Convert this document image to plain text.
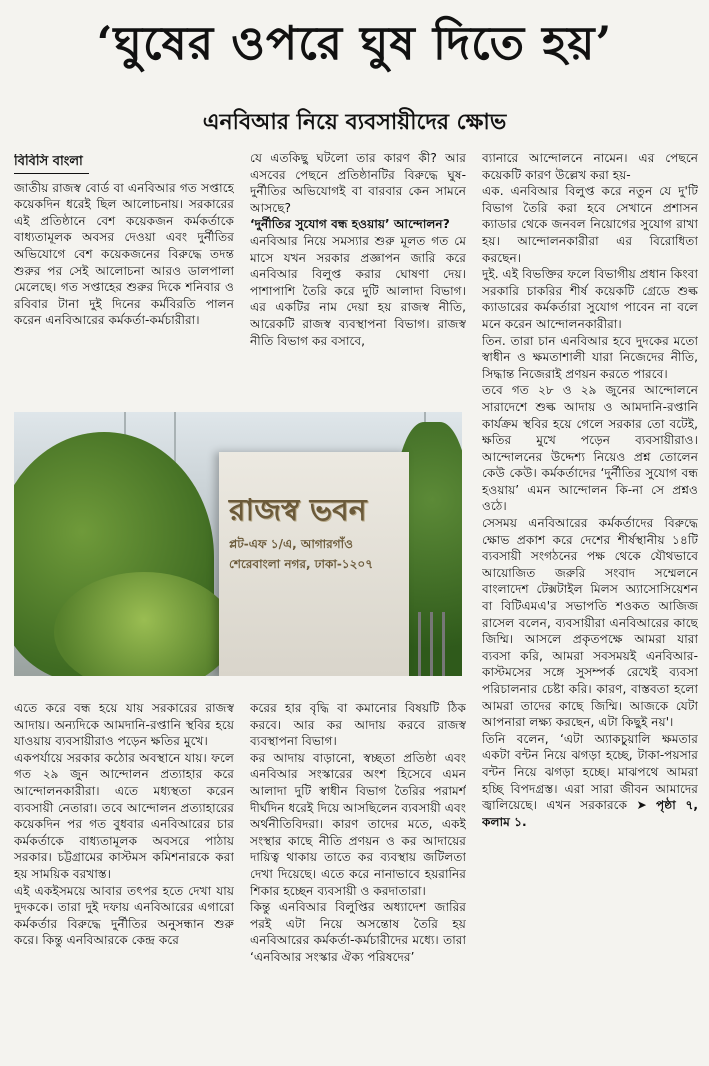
‘ঘুষের ওপরে ঘুষ দিতে হয়’
এনবিআর নিয়ে ব্যবসায়ীদের ক্ষোভ
বিবিসি বাংলা

জাতীয় রাজস্ব বোর্ড বা এনবিআর গত সপ্তাহে কয়েকদিন ধরেই ছিল আলোচনায়। সরকারের এই প্রতিষ্ঠানে বেশ কয়েকজন কর্মকর্তাকে বাধ্যতামূলক অবসর দেওয়া এবং দুর্নীতির অভিযোগে বেশ কয়েকজনের বিরুদ্ধে তদন্ত শুরুর পর সেই আলোচনা আরও ডালপালা মেলেছে। গত সপ্তাহের শুরুর দিকে শনিবার ও রবিবার টানা দুই দিনের কর্মবিরতি পালন করেন এনবিআরের কর্মকর্তা-কর্মচারীরা।

যে এতকিছু ঘটলো তার কারণ কী? আর এসবের পেছনে প্রতিষ্ঠানটির বিরুদ্ধে ঘুষ-দুর্নীতির অভিযোগই বা বারবার কেন সামনে আসছে?

‘দুর্নীতির সুযোগ বন্ধ হওয়ায়’ আন্দোলন?

এনবিআর নিয়ে সমস্যার শুরু মূলত গত মে মাসে যখন সরকার প্রজ্ঞাপন জারি করে এনবিআর বিলুপ্ত করার ঘোষণা দেয়। পাশাপাশি তৈরি করে দুটি আলাদা বিভাগ। এর একটির নাম দেয়া হয় রাজস্ব নীতি, আরেকটি রাজস্ব ব্যবস্থাপনা বিভাগ। রাজস্ব নীতি বিভাগ কর বসাবে,

ব্যানারে আন্দোলনে নামেন। এর পেছনে কয়েকটি কারণ উল্লেখ করা হয়-

এক. এনবিআর বিলুপ্ত করে নতুন যে দু'টি বিভাগ তৈরি করা হবে সেখানে প্রশাসন ক্যাডার থেকে জনবল নিয়োগের সুযোগ রাখা হয়। আন্দোলনকারীরা এর বিরোধিতা করছেন।

দুই. এই বিভক্তির ফলে বিভাগীয় প্রধান কিংবা সরকারি চাকরির শীর্ষ কয়েকটি গ্রেডে শুল্ক ক্যাডারের কর্মকর্তারা সুযোগ পাবেন না বলে মনে করেন আন্দোলনকারীরা।

তিন. তারা চান এনবিআর হবে দুদকের মতো স্বাধীন ও ক্ষমতাশালী যারা নিজেদের নীতি, সিদ্ধান্ত নিজেরাই প্রণয়ন করতে পারবে।

তবে গত ২৮ ও ২৯ জুনের আন্দোলনে সারাদেশে শুল্ক আদায় ও আমদানি-রপ্তানি কার্যক্রম স্থবির হয়ে গেলে সরকার তো বটেই, ক্ষতির মুখে পড়েন ব্যবসায়ীরাও। আন্দোলনের উদ্দেশ্য নিয়েও প্রশ্ন তোলেন কেউ কেউ। কর্মকর্তাদের ‘দুর্নীতির সুযোগ বন্ধ হওয়ায়’ এমন আন্দোলন কি-না সে প্রশ্নও ওঠে।

সেসময় এনবিআরের কর্মকর্তাদের বিরুদ্ধে ক্ষোভ প্রকাশ করে দেশের শীর্ষস্থানীয় ১৪টি ব্যবসায়ী সংগঠনের পক্ষ থেকে যৌথভাবে আয়োজিত জরুরি সংবাদ সম্মেলনে বাংলাদেশ টেক্সটাইল মিলস অ্যাসোসিয়েশন বা বিটিএমএ'র সভাপতি শওকত আজিজ রাসেল বলেন, ব্যবসায়ীরা এনবিআরের কাছে জিম্মি। আসলে প্রকৃতপক্ষে আমরা যারা ব্যবসা করি, আমরা সবসময়ই এনবিআর-কাস্টমসের সঙ্গে সুসম্পর্ক রেখেই ব্যবসা পরিচালনার চেষ্টা করি। কারণ, বাস্তবতা হলো আমরা তাদের কাছে জিম্মি। আজকে যেটা আপনারা লক্ষ্য করছেন, এটা কিছুই নয়'।

তিনি বলেন, ‘এটা অ্যাকচুয়ালি ক্ষমতার একটা বন্টন নিয়ে ঝগড়া হচ্ছে, টাকা-পয়সার বন্টন নিয়ে ঝগড়া হচ্ছে। মাঝপথে আমরা হচ্ছি বিপদগ্রস্ত। এরা সারা জীবন আমাদের জ্বালিয়েছে। এখন সরকারকে ➤ পৃষ্ঠা ৭, কলাম ১.

রাজস্ব ভবন
প্লট-এফ ১/এ, আগারগাঁও
শেরেবাংলা নগর, ঢাকা-১২০৭

এতে করে বন্ধ হয়ে যায় সরকারের রাজস্ব আদায়। অন্যদিকে আমদানি-রপ্তানি স্থবির হয়ে যাওয়ায় ব্যবসায়ীরাও পড়েন ক্ষতির মুখে।

একপর্যায়ে সরকার কঠোর অবস্থানে যায়। ফলে গত ২৯ জুন আন্দোলন প্রত্যাহার করে আন্দোলনকারীরা। এতে মধ্যস্থতা করেন ব্যবসায়ী নেতারা। তবে আন্দোলন প্রত্যাহারের কয়েকদিন পর গত বুধবার এনবিআরের চার কর্মকর্তাকে বাধ্যতামূলক অবসরে পাঠায় সরকার। চট্টগ্রামের কাস্টমস কমিশনারকে করা হয় সাময়িক বরখাস্ত।

এই একইসময়ে আবার তৎপর হতে দেখা যায় দুদককে। তারা দুই দফায় এনবিআরের এগারো কর্মকর্তার বিরুদ্ধে দুর্নীতির অনুসন্ধান শুরু করে। কিন্তু এনবিআরকে কেন্দ্র করে

করের হার বৃদ্ধি বা কমানোর বিষয়টি ঠিক করবে। আর কর আদায় করবে রাজস্ব ব্যবস্থাপনা বিভাগ।

কর আদায় বাড়ানো, স্বচ্ছতা প্রতিষ্ঠা এবং এনবিআর সংস্কারের অংশ হিসেবে এমন আলাদা দুটি স্বাধীন বিভাগ তৈরির পরামর্শ দীর্ঘদিন ধরেই দিয়ে আসছিলেন ব্যবসায়ী এবং অর্থনীতিবিদরা। কারণ তাদের মতে, একই সংস্থার কাছে নীতি প্রণয়ন ও কর আদায়ের দায়িত্ব থাকায় তাতে কর ব্যবস্থায় জটিলতা দেখা দিয়েছে। এতে করে নানাভাবে হয়রানির শিকার হচ্ছেন ব্যবসায়ী ও করদাতারা।

কিন্তু এনবিআর বিলুপ্তির অধ্যাদেশ জারির পরই এটা নিয়ে অসন্তোষ তৈরি হয় এনবিআরের কর্মকর্তা-কর্মচারীদের মধ্যে। তারা ‘এনবিআর সংস্কার ঐক্য পরিষদের’
